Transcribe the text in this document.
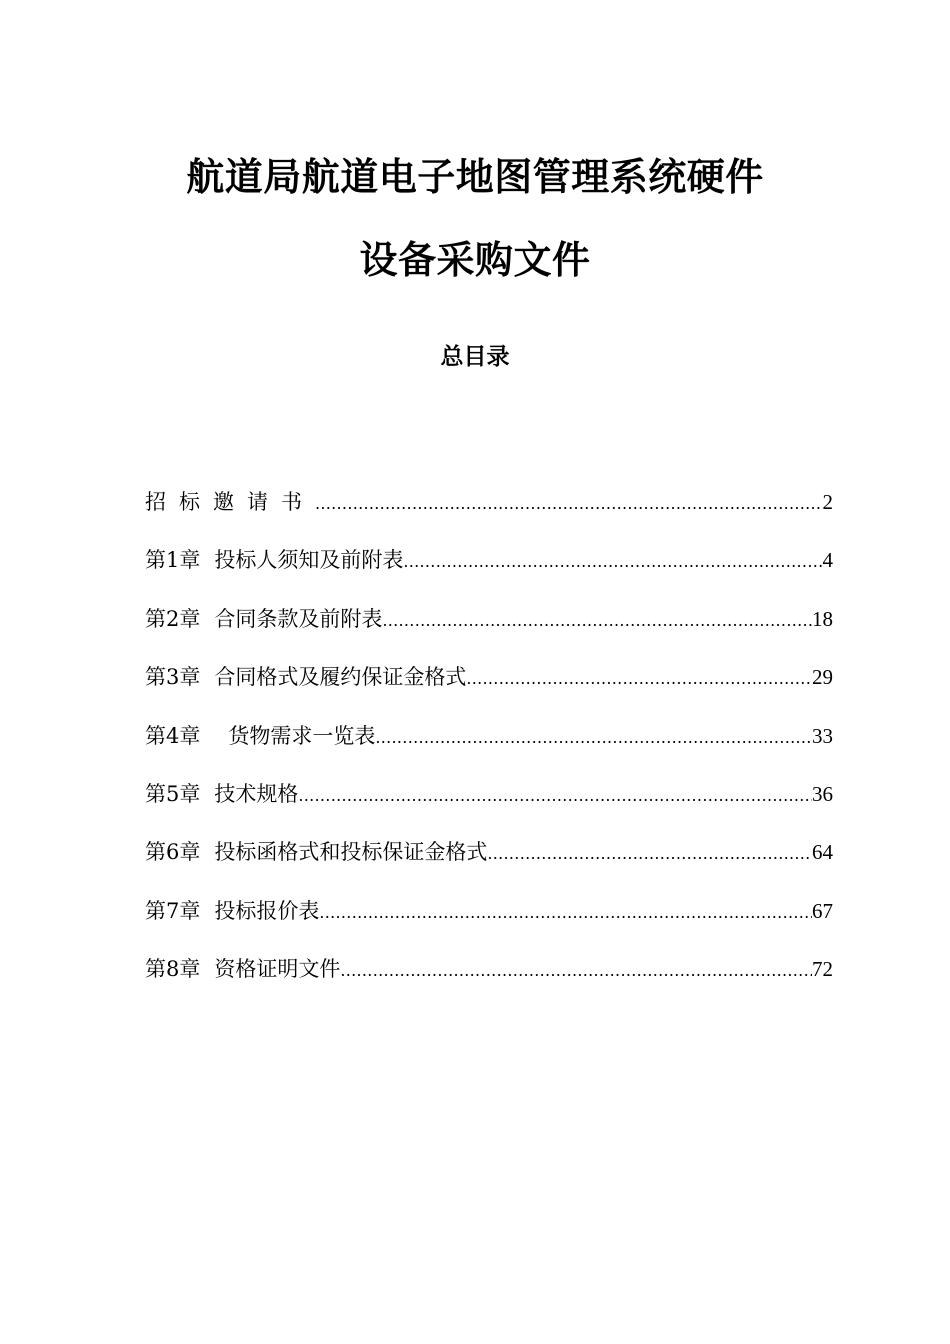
航道局航道电子地图管理系统硬件
设备采购文件
总目录
招标邀请书 .....	2
第1章 投标人须知及前附表 .....	4
第2章 合同条款及前附表 .....	18
第3章 合同格式及履约保证金格式 .....	29
第4章	货物需求一览表 .....	33
第5章 技术规格 .....	36
第6章 投标函格式和投标保证金格式 .....	64
第7章 投标报价表 .....	67
第8章 资格证明文件 .....	72
